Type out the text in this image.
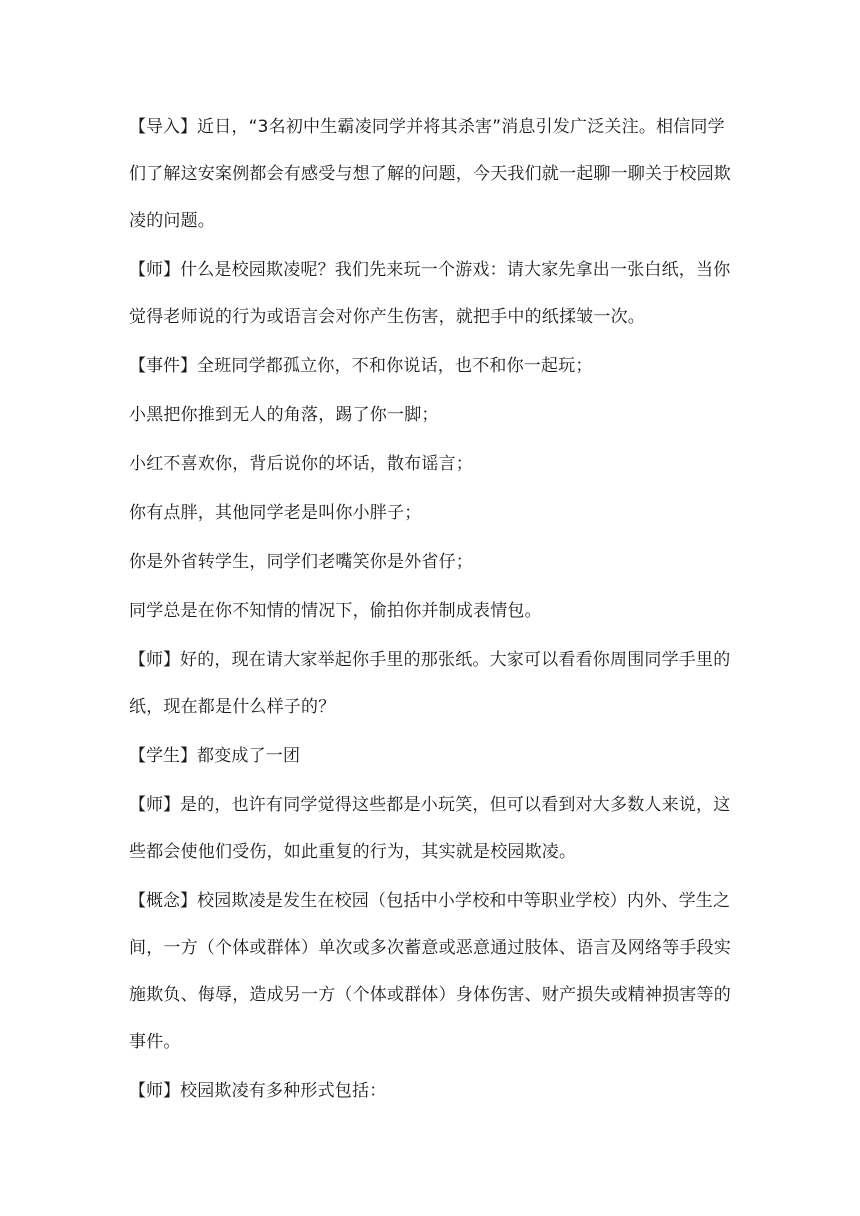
【导入】近日，“3名初中生霸凌同学并将其杀害”消息引发广泛关注。相信同学们了解这安案例都会有感受与想了解的问题，今天我们就一起聊一聊关于校园欺凌的问题。

【师】什么是校园欺凌呢？我们先来玩一个游戏：请大家先拿出一张白纸，当你觉得老师说的行为或语言会对你产生伤害，就把手中的纸揉皱一次。

【事件】全班同学都孤立你，不和你说话，也不和你一起玩；

小黑把你推到无人的角落，踢了你一脚；

小红不喜欢你，背后说你的坏话，散布谣言；

你有点胖，其他同学老是叫你小胖子；

你是外省转学生，同学们老嘴笑你是外省仔；

同学总是在你不知情的情况下，偷拍你并制成表情包。

【师】好的，现在请大家举起你手里的那张纸。大家可以看看你周围同学手里的纸，现在都是什么样子的？

【学生】都变成了一团

【师】是的，也许有同学觉得这些都是小玩笑，但可以看到对大多数人来说，这些都会使他们受伤，如此重复的行为，其实就是校园欺凌。

【概念】校园欺凌是发生在校园（包括中小学校和中等职业学校）内外、学生之间，一方（个体或群体）单次或多次蓄意或恶意通过肢体、语言及网络等手段实施欺负、侮辱，造成另一方（个体或群体）身体伤害、财产损失或精神损害等的事件。

【师】校园欺凌有多种形式包括：
